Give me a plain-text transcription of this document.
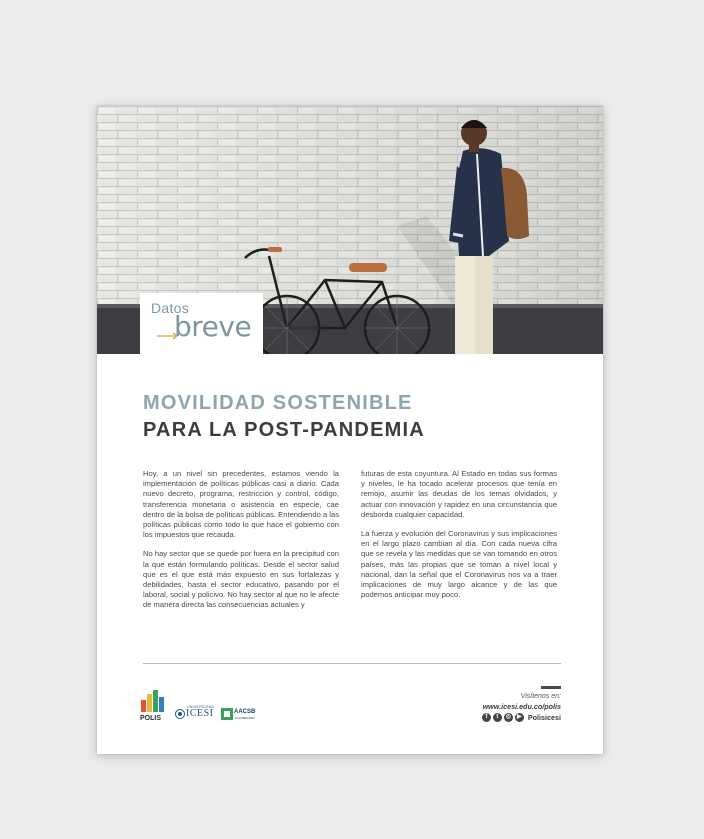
Datos
breve
MOVILIDAD SOSTENIBLE
PARA LA POST-PANDEMIA

Hoy, a un nivel sin precedentes, estamos viendo la implementación de políticas públicas casi a diario. Cada nuevo decreto, programa, restricción y control, código, transferencia monetaria o asistencia en especie, cae dentro de la bolsa de políticas públicas. Entendiendo a las políticas públicas como todo lo que hace el gobierno con los impuestos que recauda.

No hay sector que se quede por fuera en la precipitud con la que están formulando políticas. Desde el sector salud que es el que está más expuesto en sus fortalezas y debilidades, hasta el sector educativo, pasando por el laboral, social y policivo. No hay sector al que no le afecte de manera directa las consecuencias actuales y

futuras de esta coyuntura. Al Estado en todas sus formas y niveles, le ha tocado acelerar procesos que tenía en remojo, asumir las deudas de los temas olvidados, y actuar con innovación y rapidez en una circunstancia que desborda cualquier capacidad.

La fuerza y evolución del Coronavirus y sus implicaciones en el largo plazo cambian al día. Con cada nueva cifra que se revela y las medidas que se van tomando en otros países, más las propias que se toman a nivel local y nacional, dan la señal que el Coronavirus nos va a traer implicaciones de muy largo alcance y de las que podemos anticipar muy poco.

POLIS
UNIVERSIDAD
ICESI	AACSB
ACCREDITED
Visítenos en:
www.icesi.edu.co/polis
f	t	◎	▶ Polisicesi
